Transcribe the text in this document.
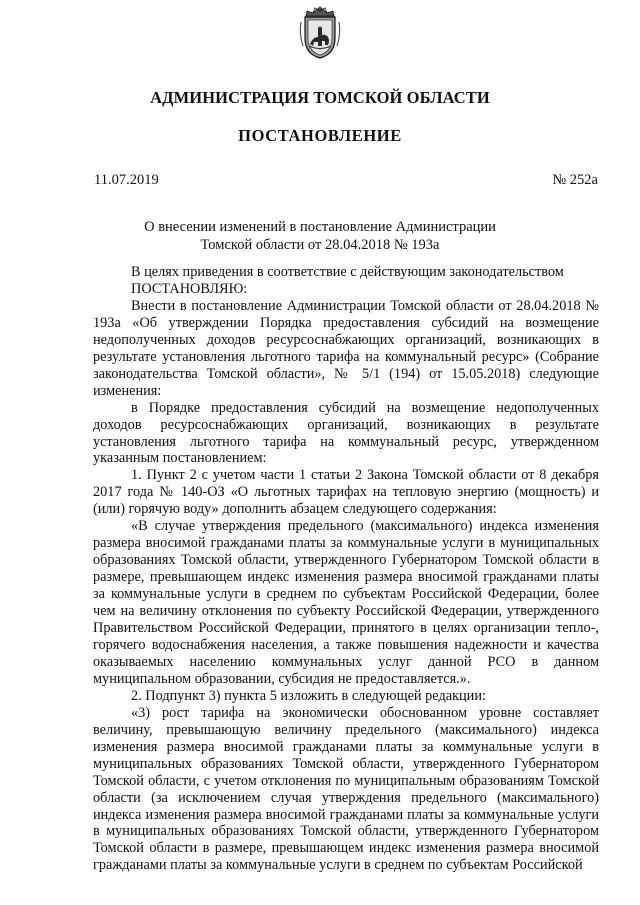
АДМИНИСТРАЦИЯ ТОМСКОЙ ОБЛАСТИ
ПОСТАНОВЛЕНИЕ
11.07.2019	№ 252а
О внесении изменений в постановление Администрации
Томской области от 28.04.2018 № 193а

В целях приведения в соответствие с действующим законодательством

ПОСТАНОВЛЯЮ:

Внести в постановление Администрации Томской области от 28.04.2018 № 193а «Об утверждении Порядка предоставления субсидий на возмещение недополученных доходов ресурсоснабжающих организаций, возникающих в результате установления льготного тарифа на коммунальный ресурс» (Собрание законодательства Томской области», № 5/1 (194) от 15.05.2018) следующие изменения:

в Порядке предоставления субсидий на возмещение недополученных доходов ресурсоснабжающих организаций, возникающих в результате установления льготного тарифа на коммунальный ресурс, утвержденном указанным постановлением:

1. Пункт 2 с учетом части 1 статьи 2 Закона Томской области от 8 декабря 2017 года № 140-ОЗ «О льготных тарифах на тепловую энергию (мощность) и (или) горячую воду» дополнить абзацем следующего содержания:

«В случае утверждения предельного (максимального) индекса изменения размера вносимой гражданами платы за коммунальные услуги в муниципальных образованиях Томской области, утвержденного Губернатором Томской области в размере, превышающем индекс изменения размера вносимой гражданами платы за коммунальные услуги в среднем по субъектам Российской Федерации, более чем на величину отклонения по субъекту Российской Федерации, утвержденного Правительством Российской Федерации, принятого в целях организации тепло-, горячего водоснабжения населения, а также повышения надежности и качества оказываемых населению коммунальных услуг данной РСО в данном муниципальном образовании, субсидия не предоставляется.».

2. Подпункт 3) пункта 5 изложить в следующей редакции:

«3) рост тарифа на экономически обоснованном уровне составляет величину, превышающую величину предельного (максимального) индекса изменения размера вносимой гражданами платы за коммунальные услуги в муниципальных образованиях Томской области, утвержденного Губернатором Томской области, с учетом отклонения по муниципальным образованиям Томской области (за исключением случая утверждения предельного (максимального) индекса изменения размера вносимой гражданами платы за коммунальные услуги в муниципальных образованиях Томской области, утвержденного Губернатором Томской области в размере, превышающем индекс изменения размера вносимой гражданами платы за коммунальные услуги в среднем по субъектам Российской
